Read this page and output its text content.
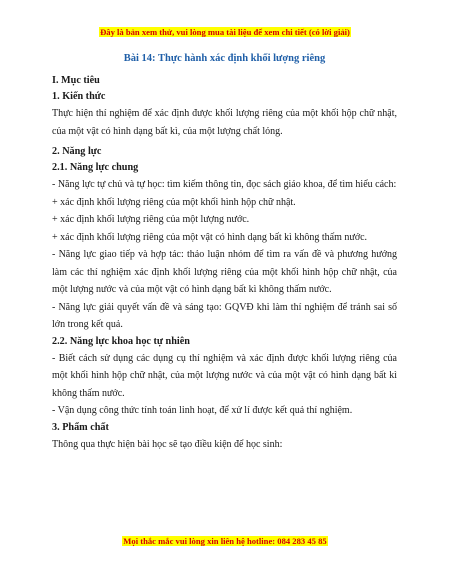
Đây là bản xem thử, vui lòng mua tài liệu để xem chi tiết (có lời giải)

Bài 14: Thực hành xác định khối lượng riêng

I. Mục tiêu

1. Kiến thức

Thực hiện thí nghiệm để xác định được khối lượng riêng của một khối hộp chữ nhật, của một vật có hình dạng bất kì, của một lượng chất lỏng.

2. Năng lực

2.1. Năng lực chung

- Năng lực tự chủ và tự học: tìm kiếm thông tin, đọc sách giáo khoa, để tìm hiểu cách:

+ xác định khối lượng riêng của một khối hình hộp chữ nhật.

+ xác định khối lượng riêng của một lượng nước.

+ xác định khối lượng riêng của một vật có hình dạng bất kì không thấm nước.

- Năng lực giao tiếp và hợp tác: thảo luận nhóm để tìm ra vấn đề và phương hướng làm các thí nghiệm xác định khối lượng riêng của một khối hình hộp chữ nhật, của một lượng nước và của một vật có hình dạng bất kì không thấm nước.

- Năng lực giải quyết vấn đề và sáng tạo: GQVĐ khi làm thí nghiệm để tránh sai số lớn trong kết quả.

2.2. Năng lực khoa học tự nhiên

- Biết cách sử dụng các dụng cụ thí nghiệm và xác định được khối lượng riêng của một khối hình hộp chữ nhật, của một lượng nước và của một vật có hình dạng bất kì không thấm nước.

- Vận dụng công thức tính toán linh hoạt, để xử lí được kết quả thí nghiệm.

3. Phẩm chất

Thông qua thực hiện bài học sẽ tạo điều kiện để học sinh:

Mọi thắc mắc vui lòng xin liên hệ hotline: 084 283 45 85
